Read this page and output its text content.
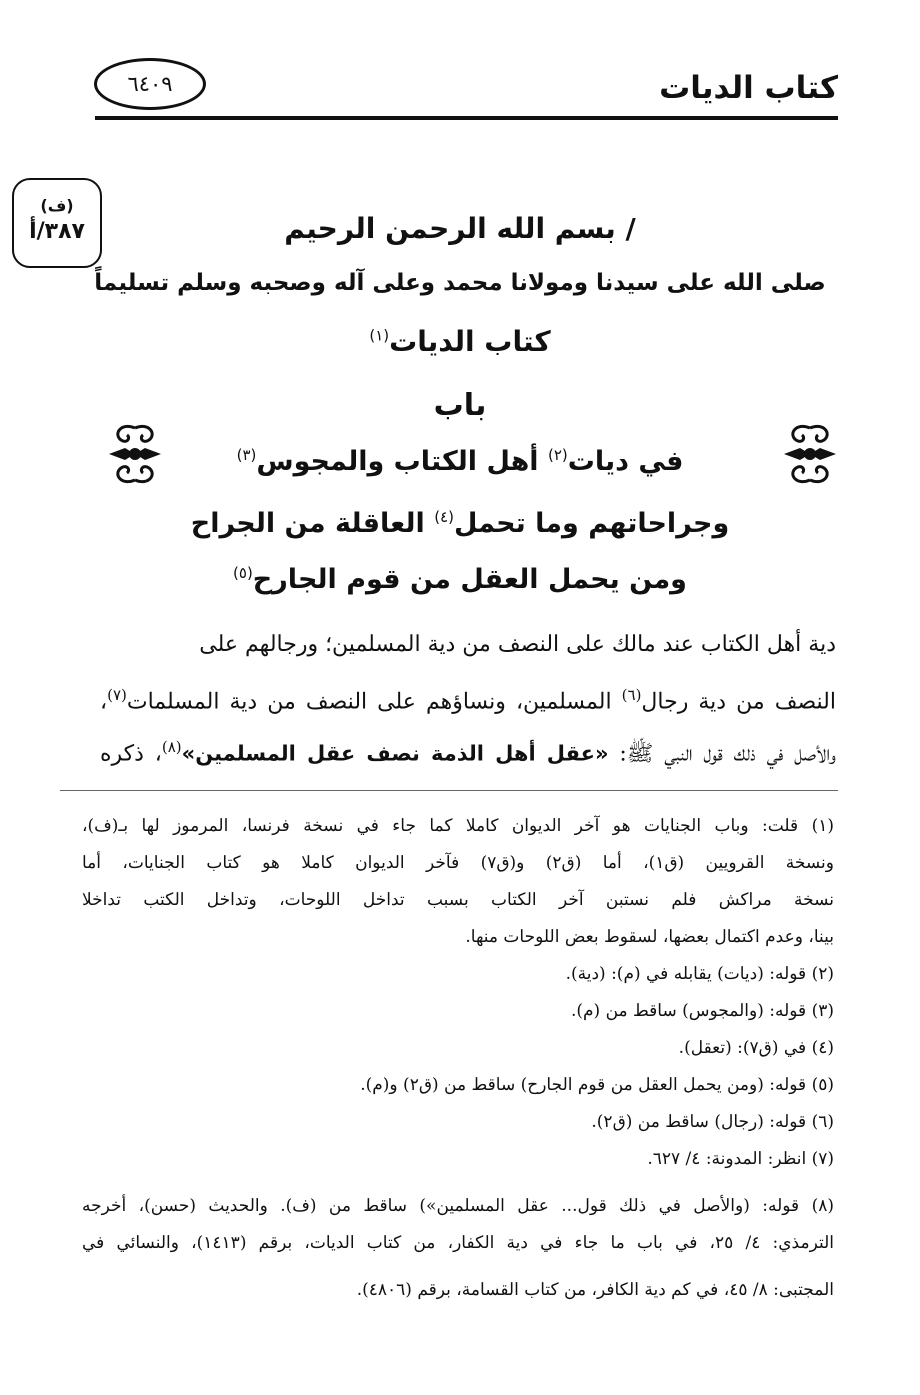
كتاب الديات
٦٤٠٩
(ف)
٣٨٧/أ	/ بسم الله الرحمن الرحيم
صلى الله على سيدنا ومولانا محمد وعلى آله وصحبه وسلم تسليماً
كتاب الديات$^{(١)}$
باب
في ديات$^{(٢)}$ أهل الكتاب والمجوس$^{(٣)}$
وجراحاتهم وما تحمل$^{(٤)}$ العاقلة من الجراح
ومن يحمل العقل من قوم الجارح$^{(٥)}$
دية أهل الكتاب عند مالك على النصف من دية المسلمين؛ ورجالهم على
النصف من دية رجال$^{(٦)}$ المسلمين، ونساؤهم على النصف من دية المسلمات$^{(٧)}$،
والأصل في ذلك قول النبي ﷺ: «عقل أهل الذمة نصف عقل المسلمين»$^{(٨)}$، ذكره
(١) قلت: وباب الجنايات هو آخر الديوان كاملا كما جاء في نسخة فرنسا، المرموز لها بـ(ف)،
ونسخة القرويين (ق١)، أما (ق٢) و(ق٧) فآخر الديوان كاملا هو كتاب الجنايات، أما
نسخة مراكش فلم نستبن آخر الكتاب بسبب تداخل اللوحات، وتداخل الكتب تداخلا
بينا، وعدم اكتمال بعضها، لسقوط بعض اللوحات منها.
(٢) قوله: (ديات) يقابله في (م): (دية).
(٣) قوله: (والمجوس) ساقط من (م).
(٤) في (ق٧): (تعقل).
(٥) قوله: (ومن يحمل العقل من قوم الجارح) ساقط من (ق٢) و(م).
(٦) قوله: (رجال) ساقط من (ق٢).
(٧) انظر: المدونة: ٤/ ٦٢٧.
(٨) قوله: (والأصل في ذلك قول... عقل المسلمين») ساقط من (ف). والحديث (حسن)، أخرجه
الترمذي: ٤/ ٢٥، في باب ما جاء في دية الكفار، من كتاب الديات، برقم (١٤١٣)، والنسائي في
المجتبى: ٨/ ٤٥، في كم دية الكافر، من كتاب القسامة، برقم (٤٨٠٦).
